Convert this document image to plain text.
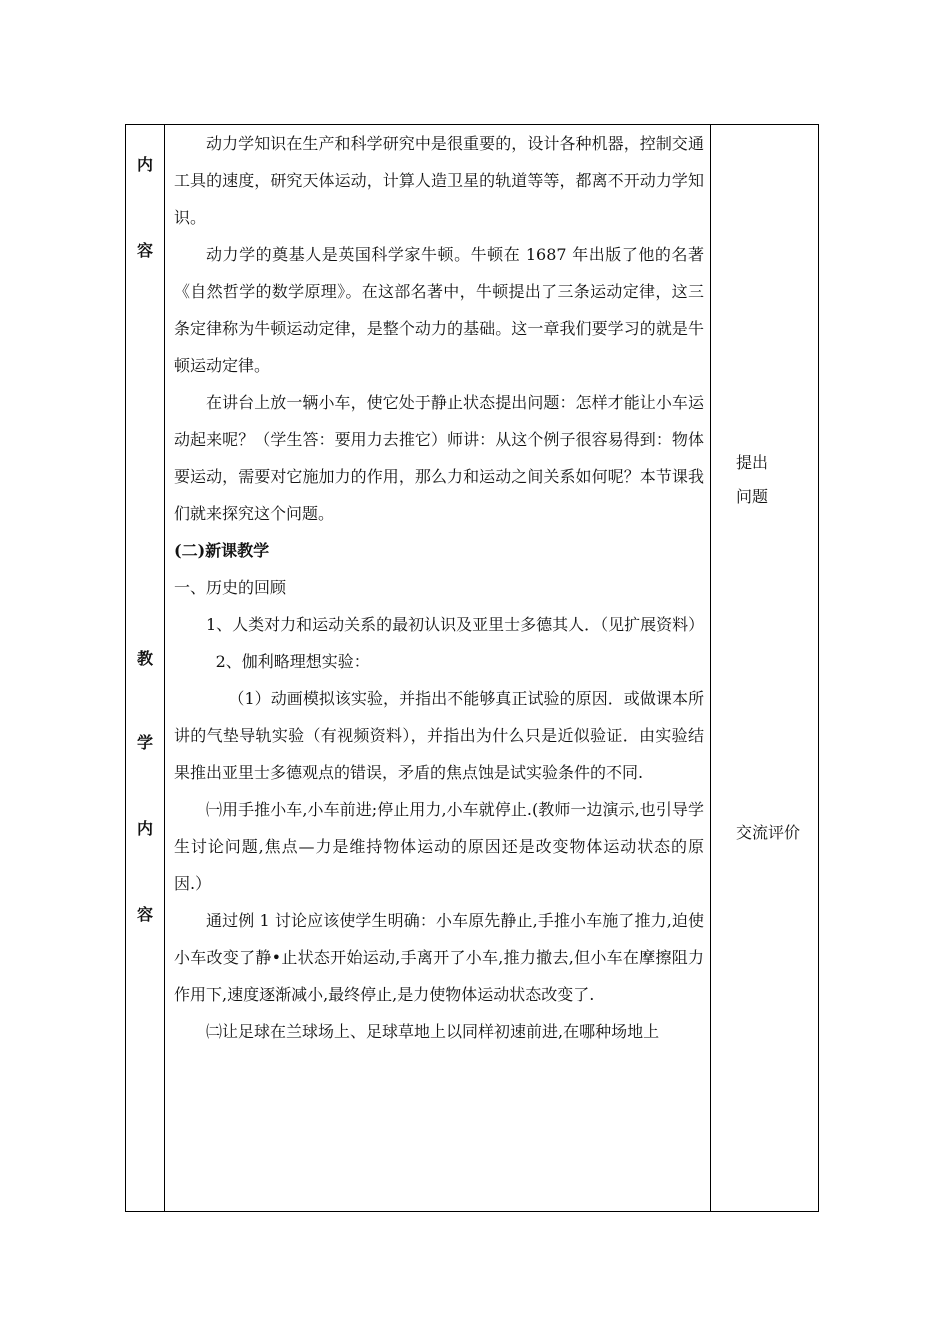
内
容
教
学
内
容
提出
问题
交流评价

动力学知识在生产和科学研究中是很重要的，设计各种机器，控制交通工具的速度，研究天体运动，计算人造卫星的轨道等等，都离不开动力学知识。

动力学的奠基人是英国科学家牛顿。牛顿在 1687 年出版了他的名著《自然哲学的数学原理》。在这部名著中，牛顿提出了三条运动定律，这三条定律称为牛顿运动定律，是整个动力的基础。这一章我们要学习的就是牛顿运动定律。

在讲台上放一辆小车，使它处于静止状态提出问题：怎样才能让小车运动起来呢？（学生答：要用力去推它）师讲：从这个例子很容易得到：物体要运动，需要对它施加力的作用，那么力和运动之间关系如何呢？本节课我们就来探究这个问题。

(二)新课教学

一、历史的回顾

1、人类对力和运动关系的最初认识及亚里士多德其人．（见扩展资料）

2、伽利略理想实验：

（1）动画模拟该实验，并指出不能够真正试验的原因．或做课本所讲的气垫导轨实验（有视频资料），并指出为什么只是近似验证．由实验结果推出亚里士多德观点的错误，矛盾的焦点蚀是试实验条件的不同.

㈠用手推小车,小车前进;停止用力,小车就停止.(教师一边演示,也引导学生讨论问题,焦点—力是维持物体运动的原因还是改变物体运动状态的原因.）

通过例 1 讨论应该使学生明确：小车原先静止,手推小车施了推力,迫使小车改变了静•止状态开始运动,手离开了小车,推力撤去,但小车在摩擦阻力作用下,速度逐渐减小,最终停止,是力使物体运动状态改变了.

㈡让足球在兰球场上、足球草地上以同样初速前进,在哪种场地上
